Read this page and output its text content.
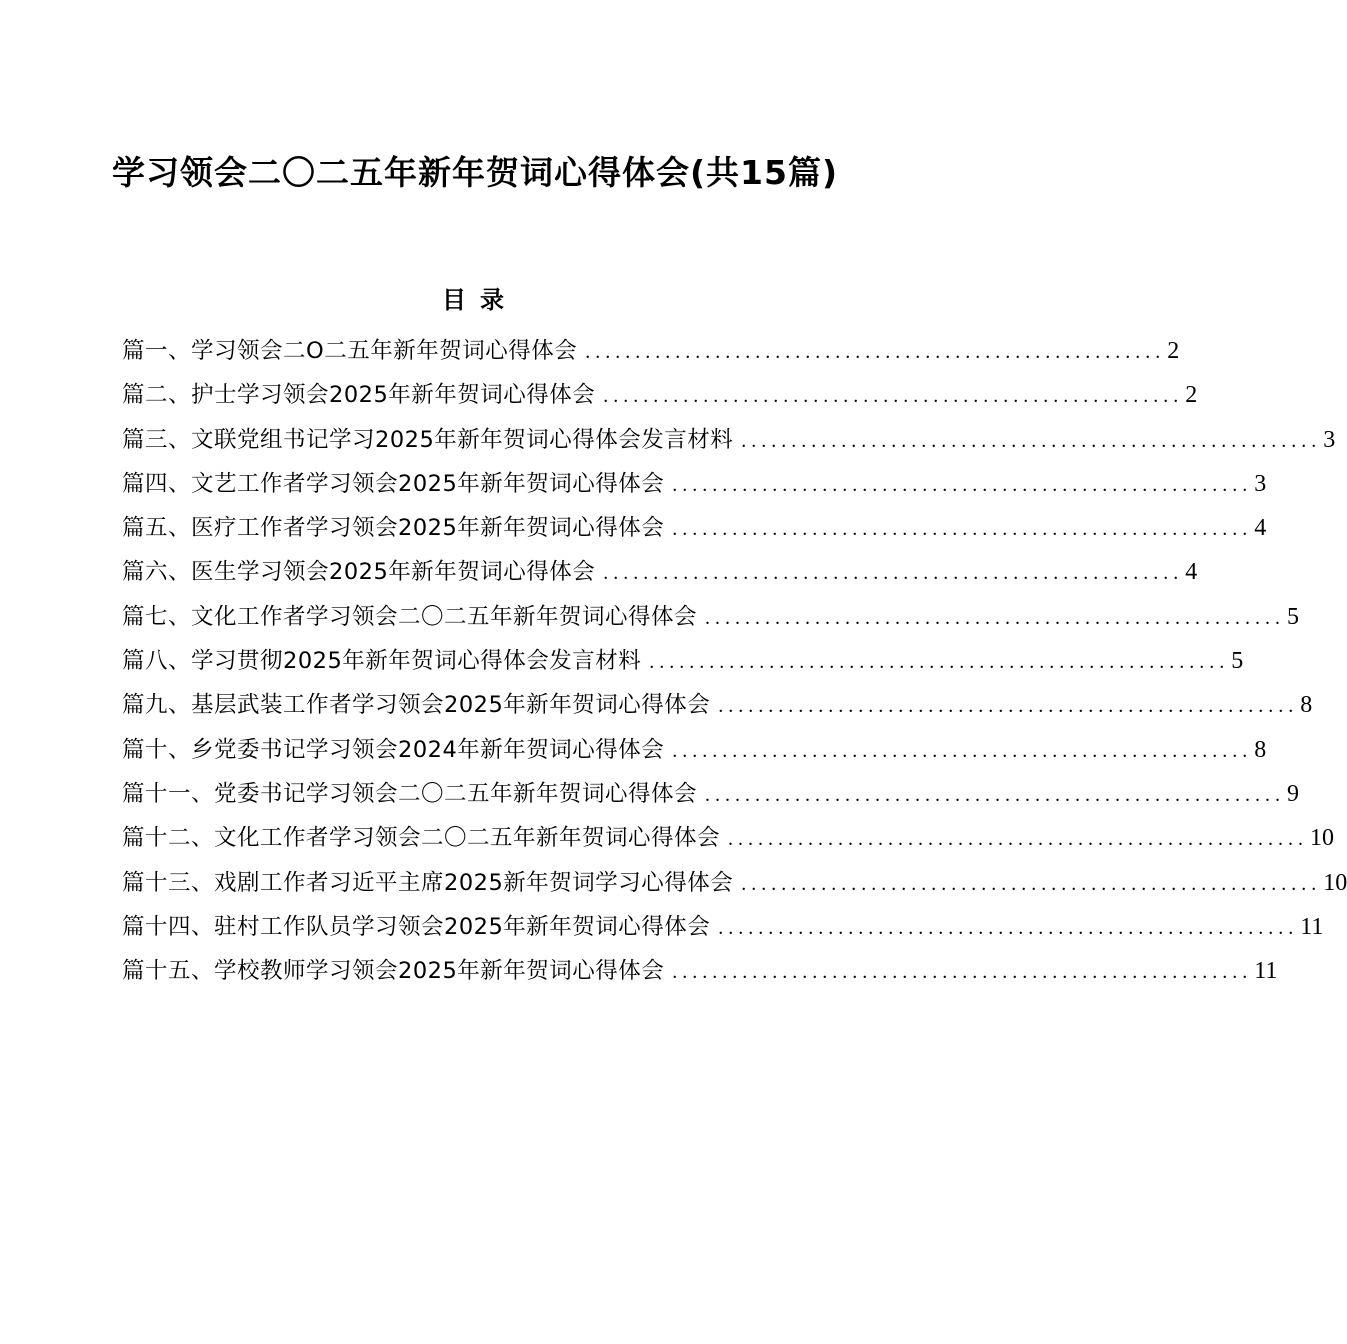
学习领会二〇二五年新年贺词心得体会(共15篇)
目录
篇一、学习领会二O二五年新年贺词心得体会 .......................................................... 2
篇二、护士学习领会2025年新年贺词心得体会 .......................................................... 2
篇三、文联党组书记学习2025年新年贺词心得体会发言材料 .......................................................... 3
篇四、文艺工作者学习领会2025年新年贺词心得体会 .......................................................... 3
篇五、医疗工作者学习领会2025年新年贺词心得体会 .......................................................... 4
篇六、医生学习领会2025年新年贺词心得体会 .......................................................... 4
篇七、文化工作者学习领会二〇二五年新年贺词心得体会 .......................................................... 5
篇八、学习贯彻2025年新年贺词心得体会发言材料 .......................................................... 5
篇九、基层武装工作者学习领会2025年新年贺词心得体会 .......................................................... 8
篇十、乡党委书记学习领会2024年新年贺词心得体会 .......................................................... 8
篇十一、党委书记学习领会二〇二五年新年贺词心得体会 .......................................................... 9
篇十二、文化工作者学习领会二〇二五年新年贺词心得体会 .......................................................... 10
篇十三、戏剧工作者习近平主席2025新年贺词学习心得体会 .......................................................... 10
篇十四、驻村工作队员学习领会2025年新年贺词心得体会 .......................................................... 11
篇十五、学校教师学习领会2025年新年贺词心得体会 .......................................................... 11
